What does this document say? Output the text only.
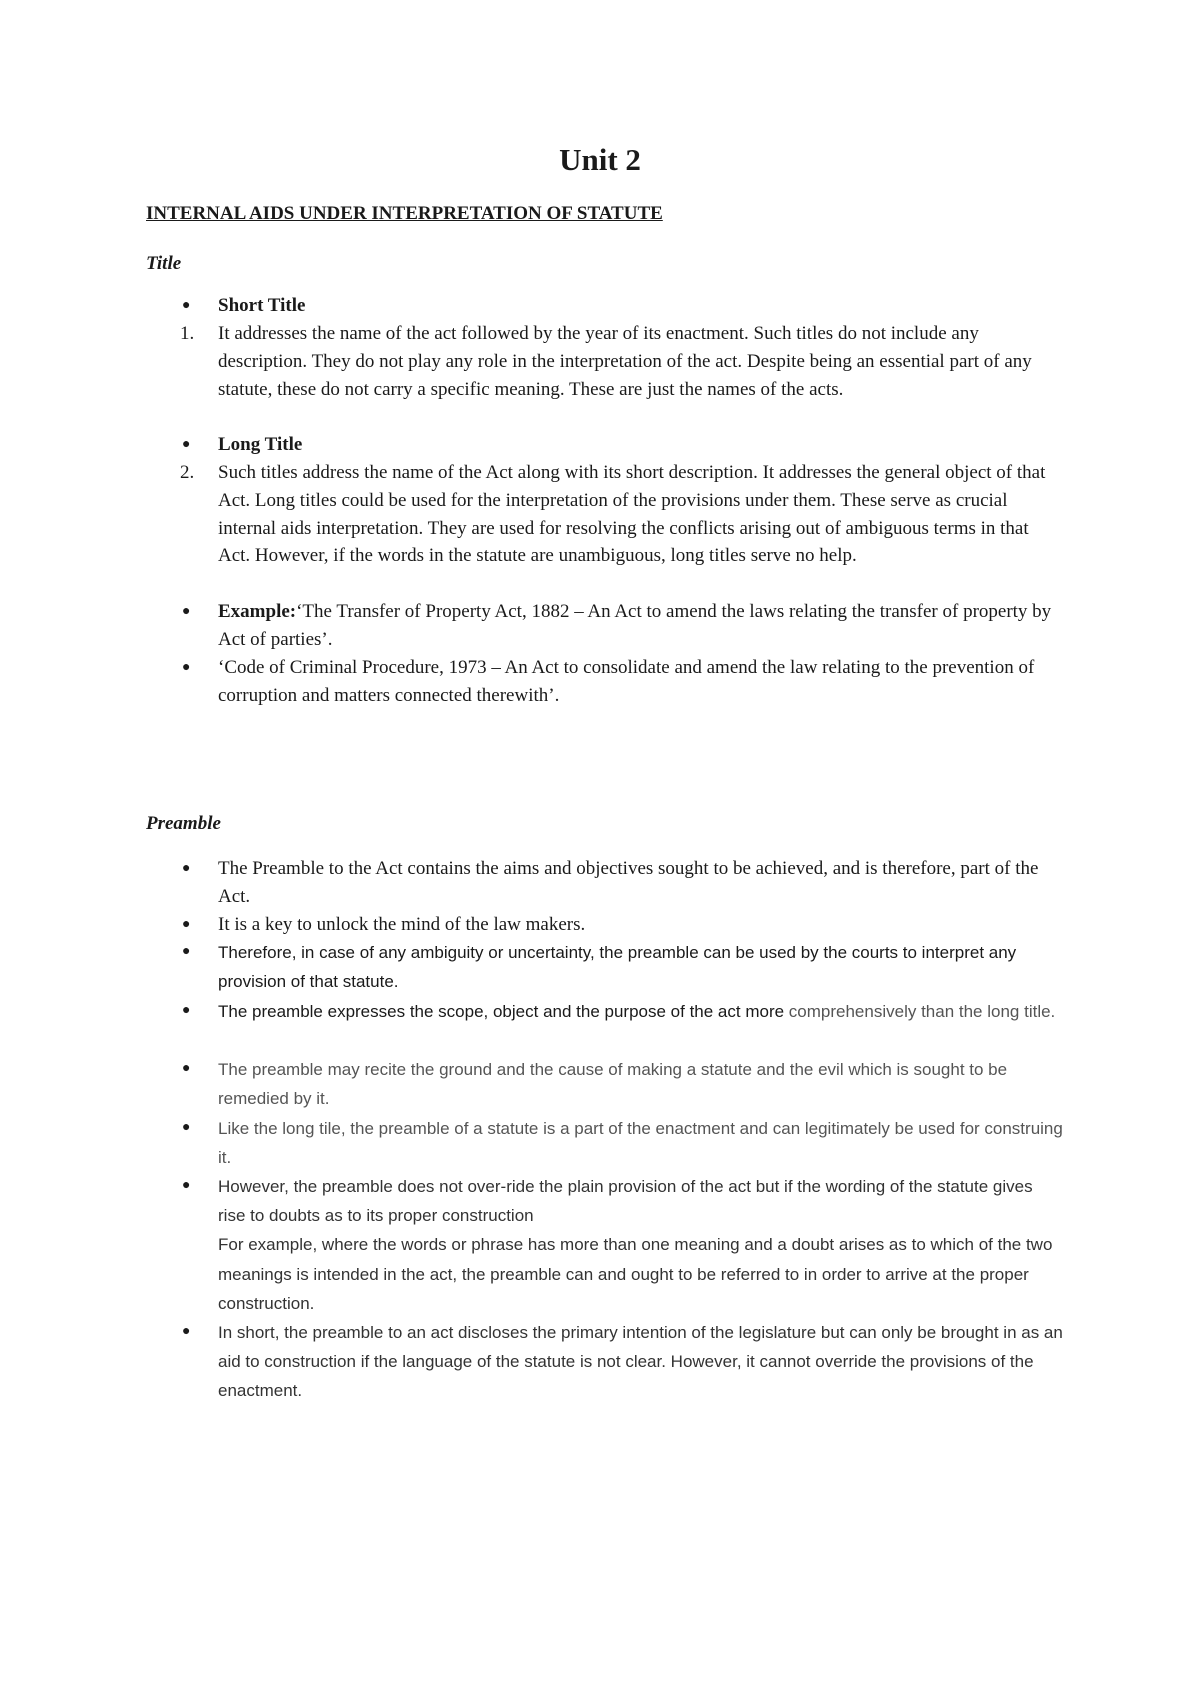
Unit 2
INTERNAL AIDS UNDER INTERPRETATION OF STATUTE
Title
●	Short Title
1.	It addresses the name of the act followed by the year of its enactment. Such titles do not include any description. They do not play any role in the interpretation of the act. Despite being an essential part of any statute, these do not carry a specific meaning. These are just the names of the acts.
●	Long Title
2.	Such titles address the name of the Act along with its short description. It addresses the general object of that Act. Long titles could be used for the interpretation of the provisions under them. These serve as crucial internal aids interpretation. They are used for resolving the conflicts arising out of ambiguous terms in that Act. However, if the words in the statute are unambiguous, long titles serve no help.
●	Example:‘The Transfer of Property Act, 1882 – An Act to amend the laws relating the transfer of property by Act of parties’.
●	‘Code of Criminal Procedure, 1973 – An Act to consolidate and amend the law relating to the prevention of corruption and matters connected therewith’.
Preamble
●	The Preamble to the Act contains the aims and objectives sought to be achieved, and is therefore, part of the Act.
●	It is a key to unlock the mind of the law makers.
●	Therefore, in case of any ambiguity or uncertainty, the preamble can be used by the courts to interpret any provision of that statute.
●	The preamble expresses the scope, object and the purpose of the act more comprehensively than the long title.
●	The preamble may recite the ground and the cause of making a statute and the evil which is sought to be remedied by it.
●	Like the long tile, the preamble of a statute is a part of the enactment and can legitimately be used for construing it.
●	However, the preamble does not over-ride the plain provision of the act but if the wording of the statute gives rise to doubts as to its proper construction
For example, where the words or phrase has more than one meaning and a doubt arises as to which of the two meanings is intended in the act, the preamble can and ought to be referred to in order to arrive at the proper construction.
●	In short, the preamble to an act discloses the primary intention of the legislature but can only be brought in as an aid to construction if the language of the statute is not clear. However, it cannot override the provisions of the enactment.
